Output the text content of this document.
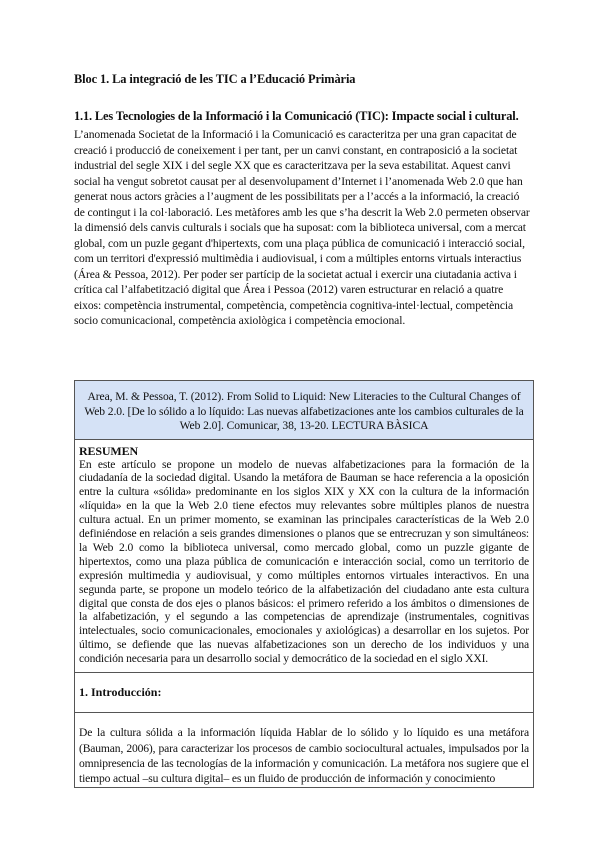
Bloc 1. La integració de les TIC a l’Educació Primària
1.1. Les Tecnologies de la Informació i la Comunicació (TIC): Impacte social i cultural.
L’anomenada Societat de la Informació i la Comunicació es caracteritza per una gran capacitat de creació i producció de coneixement i per tant, per un canvi constant, en contraposició a la societat industrial del segle XIX i del segle XX que es caracteritzava per la seva estabilitat. Aquest canvi social ha vengut sobretot causat per al desenvolupament d’Internet i l’anomenada Web 2.0 que han generat nous actors gràcies a l’augment de les possibilitats per a l’accés a la informació, la creació de contingut i la col·laboració. Les metàfores amb les que s’ha descrit la Web 2.0 permeten observar la dimensió dels canvis culturals i socials que ha suposat: com la biblioteca universal, com a mercat global, com un puzle gegant d'hipertexts, com una plaça pública de comunicació i interacció social, com un territori d'expressió multimèdia i audiovisual, i com a múltiples entorns virtuals interactius (Área & Pessoa, 2012). Per poder ser partícip de la societat actual i exercir una ciutadania activa i crítica cal l’alfabetització digital que Área i Pessoa (2012) varen estructurar en relació a quatre eixos: competència instrumental, competència, competència cognitiva-intel·lectual, competència socio comunicacional, competència axiològica i competència emocional.
Area, M. & Pessoa, T. (2012). From Solid to Liquid: New Literacies to the Cultural Changes of Web 2.0. [De lo sólido a lo líquido: Las nuevas alfabetizaciones ante los cambios culturales de la Web 2.0]. Comunicar, 38, 13-20. LECTURA BÀSICA
RESUMEN
En este artículo se propone un modelo de nuevas alfabetizaciones para la formación de la ciudadanía de la sociedad digital. Usando la metáfora de Bauman se hace referencia a la oposición entre la cultura «sólida» predominante en los siglos XIX y XX con la cultura de la información «líquida» en la que la Web 2.0 tiene efectos muy relevantes sobre múltiples planos de nuestra cultura actual. En un primer momento, se examinan las principales características de la Web 2.0 definiéndose en relación a seis grandes dimensiones o planos que se entrecruzan y son simultáneos: la Web 2.0 como la biblioteca universal, como mercado global, como un puzzle gigante de hipertextos, como una plaza pública de comunicación e interacción social, como un territorio de expresión multimedia y audiovisual, y como múltiples entornos virtuales interactivos. En una segunda parte, se propone un modelo teórico de la alfabetización del ciudadano ante esta cultura digital que consta de dos ejes o planos básicos: el primero referido a los ámbitos o dimensiones de la alfabetización, y el segundo a las competencias de aprendizaje (instrumentales, cognitivas intelectuales, socio comunicacionales, emocionales y axiológicas) a desarrollar en los sujetos. Por último, se defiende que las nuevas alfabetizaciones son un derecho de los individuos y una condición necesaria para un desarrollo social y democrático de la sociedad en el siglo XXI.
1. Introducción:
De la cultura sólida a la información líquida Hablar de lo sólido y lo líquido es una metáfora (Bauman, 2006), para caracterizar los procesos de cambio sociocultural actuales, impulsados por la omnipresencia de las tecnologías de la información y comunicación. La metáfora nos sugiere que el tiempo actual –su cultura digital– es un fluido de producción de información y conocimiento
